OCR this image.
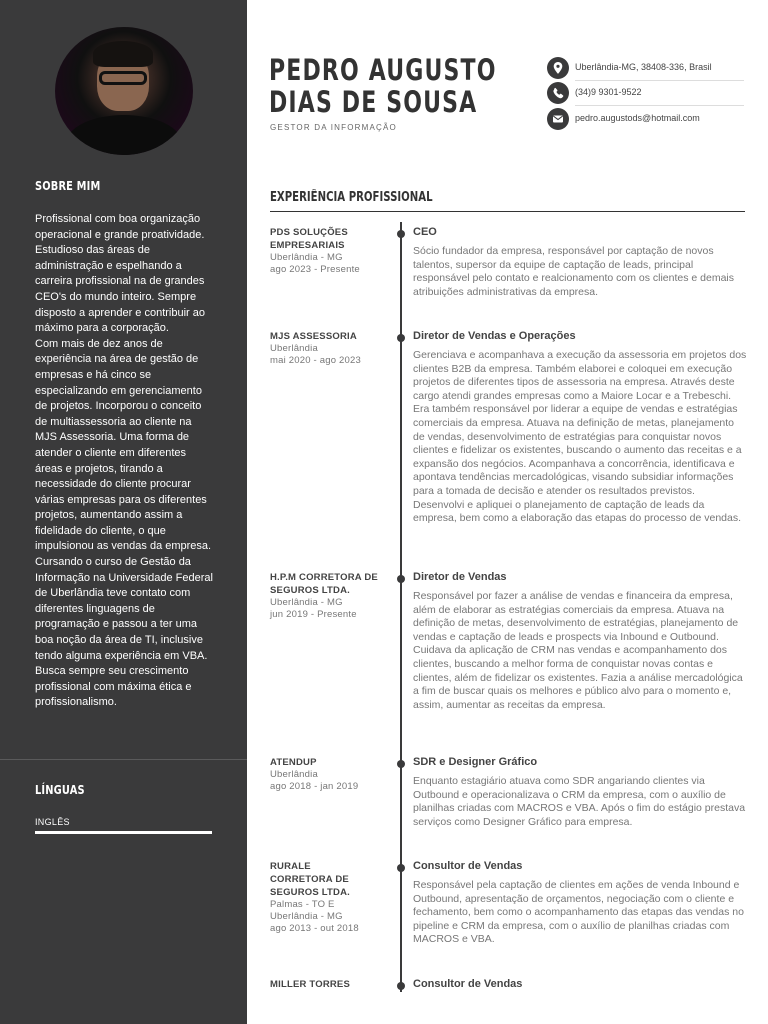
SOBRE MIM
Profissional com boa organização operacional e grande proatividade. Estudioso das áreas de administração e espelhando a carreira profissional na de grandes CEO's do mundo inteiro. Sempre disposto a aprender e contribuir ao máximo para a corporação.
Com mais de dez anos de experiência na área de gestão de empresas e há cinco se especializando em gerenciamento de projetos. Incorporou o conceito de multiassessoria ao cliente na MJS Assessoria. Uma forma de atender o cliente em diferentes áreas e projetos, tirando a necessidade do cliente procurar várias empresas para os diferentes projetos, aumentando assim a fidelidade do cliente, o que impulsionou as vendas da empresa.
Cursando o curso de Gestão da Informação na Universidade Federal de Uberlândia teve contato com diferentes linguagens de programação e passou a ter uma boa noção da área de TI, inclusive tendo alguma experiência em VBA.
Busca sempre seu crescimento profissional com máxima ética e profissionalismo.
LÍNGUAS
INGLÊS
PEDRO AUGUSTO
DIAS DE SOUSA
GESTOR DA INFORMAÇÃO
Uberlândia-MG, 38408-336, Brasil
(34)9 9301-9522
pedro.augustods@hotmail.com
EXPERIÊNCIA PROFISSIONAL
PDS SOLUÇÕES EMPRESARIAIS
Uberlândia - MG
ago 2023 - Presente
CEO
Sócio fundador da empresa, responsável por captação de novos talentos, supersor da equipe de captação de leads, principal responsável pelo contato e realcionamento com os clientes e demais atribuições administrativas da empresa.
MJS ASSESSORIA
Uberlândia
mai 2020 - ago 2023
Diretor de Vendas e Operações
Gerenciava e acompanhava a execução da assessoria em projetos dos clientes B2B da empresa. Também elaborei e coloquei em execução projetos de diferentes tipos de assessoria na empresa. Através deste cargo atendi grandes empresas como a Maiore Locar e a Trebeschi. Era também responsável por liderar a equipe de vendas e estratégias comerciais da empresa. Atuava na definição de metas, planejamento de vendas, desenvolvimento de estratégias para conquistar novos clientes e fidelizar os existentes, buscando o aumento das receitas e a expansão dos negócios. Acompanhava a concorrência, identificava e apontava tendências mercadológicas, visando subsidiar informações para a tomada de decisão e atender os resultados previstos. Desenvolvi e apliquei o planejamento de captação de leads da empresa, bem como a elaboração das etapas do processo de vendas.
H.P.M CORRETORA DE SEGUROS LTDA.
Uberlândia - MG
jun 2019 - Presente
Diretor de Vendas
Responsável por fazer a análise de vendas e financeira da empresa, além de elaborar as estratégias comerciais da empresa. Atuava na definição de metas, desenvolvimento de estratégias, planejamento de vendas e captação de leads e prospects via Inbound e Outbound. Cuidava da aplicação de CRM nas vendas e acompanhamento dos clientes, buscando a melhor forma de conquistar novas contas e clientes, além de fidelizar os existentes. Fazia a análise mercadológica a fim de buscar quais os melhores e público alvo para o momento e, assim, aumentar as receitas da empresa.
ATENDUP
Uberlândia
ago 2018 - jan 2019
SDR e Designer Gráfico
Enquanto estagiário atuava como SDR angariando clientes via Outbound e operacionalizava o CRM da empresa, com o auxílio de planilhas criadas com MACROS e VBA. Após o fim do estágio prestava serviços como Designer Gráfico para empresa.
RURALE CORRETORA DE SEGUROS LTDA.
Palmas - TO E Uberlândia - MG
ago 2013 - out 2018
Consultor de Vendas
Responsável pela captação de clientes em ações de venda Inbound e Outbound, apresentação de orçamentos, negociação com o cliente e fechamento, bem como o acompanhamento das etapas das vendas no pipeline e CRM da empresa, com o auxílio de planilhas criadas com MACROS e VBA.
MILLER TORRES	Consultor de Vendas
